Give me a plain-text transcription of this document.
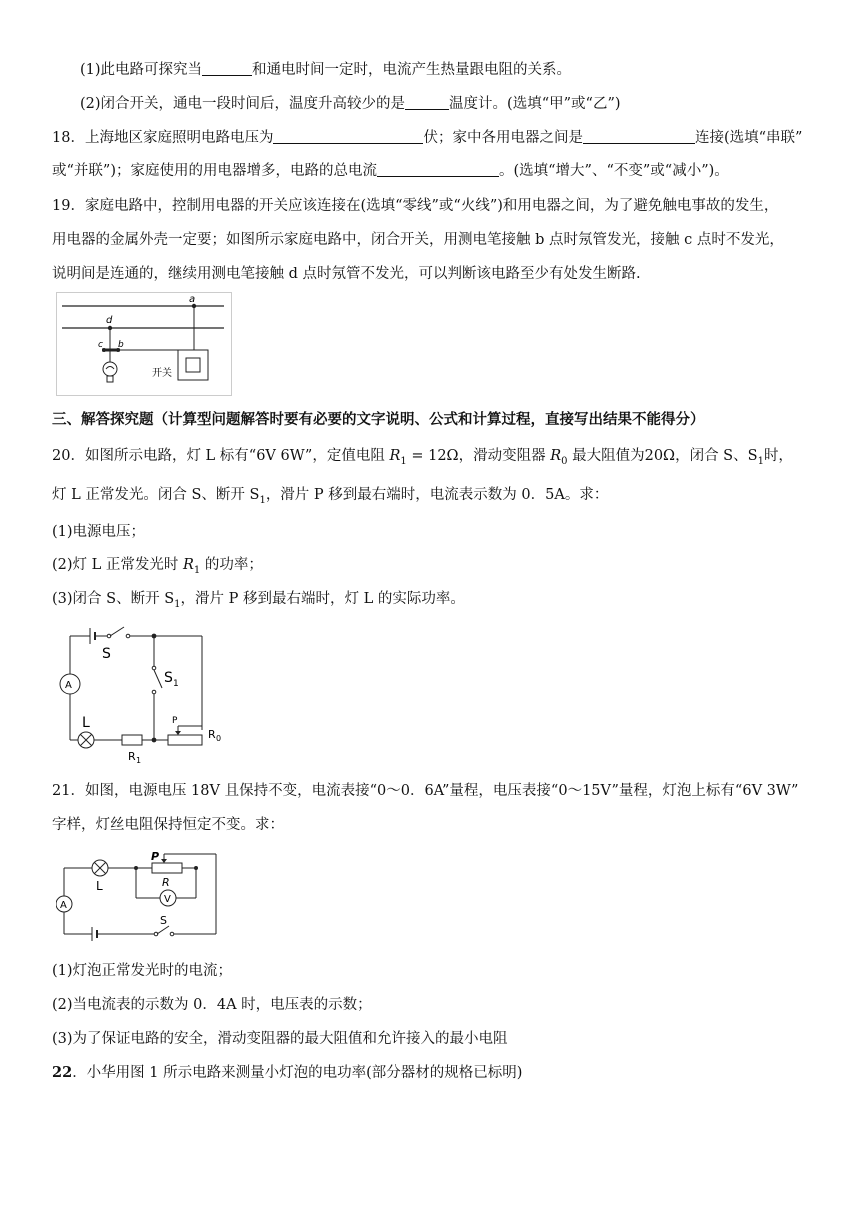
(1)此电路可探究当	和通电时间一定时，电流产生热量跟电阻的关系。
(2)闭合开关，通电一段时间后，温度升高较少的是	温度计。(选填“甲”或“乙”)
18．上海地区家庭照明电路电压为	伏；家中各用电器之间是	连接(选填“串联”
或“并联”)；家庭使用的用电器增多，电路的总电流	。(选填“增大”、“不变”或“减小”)。
19．家庭电路中，控制用电器的开关应该连接在(选填“零线”或“火线”)和用电器之间，为了避免触电事故的发生，
用电器的金属外壳一定要；如图所示家庭电路中，闭合开关，用测电笔接触 b 点时氖管发光，接触 c 点时不发光，
说明间是连通的，继续用测电笔接触 d 点时氖管不发光，可以判断该电路至少有处发生断路.
a
d
c b
开关
三、解答探究题（计算型问题解答时要有必要的文字说明、公式和计算过程，直接写出结果不能得分）
20．如图所示电路，灯 L 标有“6V 6W”，定值电阻 $R_1 = 12\Omega$，滑动变阻器 $R_0$ 最大阻值为20Ω，闭合 S、$S_1$时，
灯 L 正常发光。闭合 S、断开 $S_1$，滑片 P 移到最右端时，电流表示数为 0．5A。求：
(1)电源电压；
(2)灯 L 正常发光时 $R_1$ 的功率；
(3)闭合 S、断开 $S_1$，滑片 P 移到最右端时，灯 L 的实际功率。
A
S
S 1
L
R 1
P
R 0
21．如图，电源电压 18V 且保持不变，电流表接“0～0．6A”量程，电压表接“0～15V”量程，灯泡上标有“6V 3W”
字样，灯丝电阻保持恒定不变。求：
P
R
L
A
V
S
(1)灯泡正常发光时的电流；
(2)当电流表的示数为 0．4A 时，电压表的示数；
(3)为了保证电路的安全，滑动变阻器的最大阻值和允许接入的最小电阻
22．小华用图 1 所示电路来测量小灯泡的电功率(部分器材的规格已标明)
